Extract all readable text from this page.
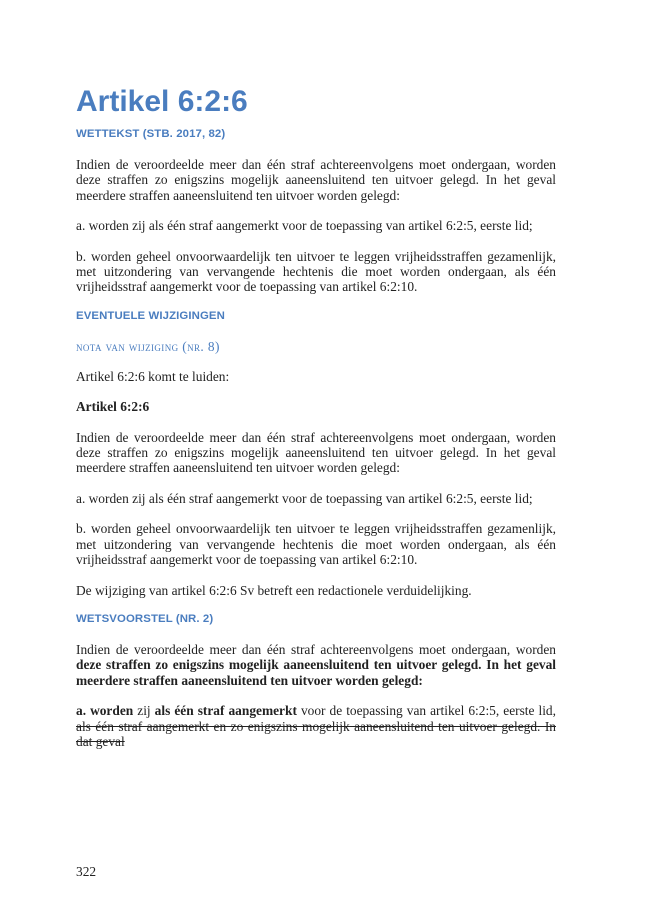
Artikel 6:2:6
WETTEKST (STB. 2017, 82)

Indien de veroordeelde meer dan één straf achtereenvolgens moet ondergaan, worden deze straffen zo enigszins mogelijk aaneensluitend ten uitvoer gelegd. In het geval meerdere straffen aaneensluitend ten uitvoer worden gelegd:

a. worden zij als één straf aangemerkt voor de toepassing van artikel 6:2:5, eerste lid;

b. worden geheel onvoorwaardelijk ten uitvoer te leggen vrijheidsstraffen gezamenlijk, met uitzondering van vervangende hechtenis die moet worden ondergaan, als één vrijheidsstraf aangemerkt voor de toepassing van artikel 6:2:10.

EVENTUELE WIJZIGINGEN
nota van wijziging (nr. 8)

Artikel 6:2:6 komt te luiden:

Artikel 6:2:6

Indien de veroordeelde meer dan één straf achtereenvolgens moet ondergaan, worden deze straffen zo enigszins mogelijk aaneensluitend ten uitvoer gelegd. In het geval meerdere straffen aaneensluitend ten uitvoer worden gelegd:

a. worden zij als één straf aangemerkt voor de toepassing van artikel 6:2:5, eerste lid;

b. worden geheel onvoorwaardelijk ten uitvoer te leggen vrijheidsstraffen gezamenlijk, met uitzondering van vervangende hechtenis die moet worden ondergaan, als één vrijheidsstraf aangemerkt voor de toepassing van artikel 6:2:10.

De wijziging van artikel 6:2:6 Sv betreft een redactionele verduidelijking.

WETSVOORSTEL (NR. 2)

Indien de veroordeelde meer dan één straf achtereenvolgens moet ondergaan, worden deze straffen zo enigszins mogelijk aaneensluitend ten uitvoer gelegd. In het geval meerdere straffen aaneensluitend ten uitvoer worden gelegd:

a. worden zij als één straf aangemerkt voor de toepassing van artikel 6:2:5, eerste lid, als één straf aangemerkt en zo enigszins mogelijk aaneensluitend ten uitvoer gelegd. In dat geval

322
